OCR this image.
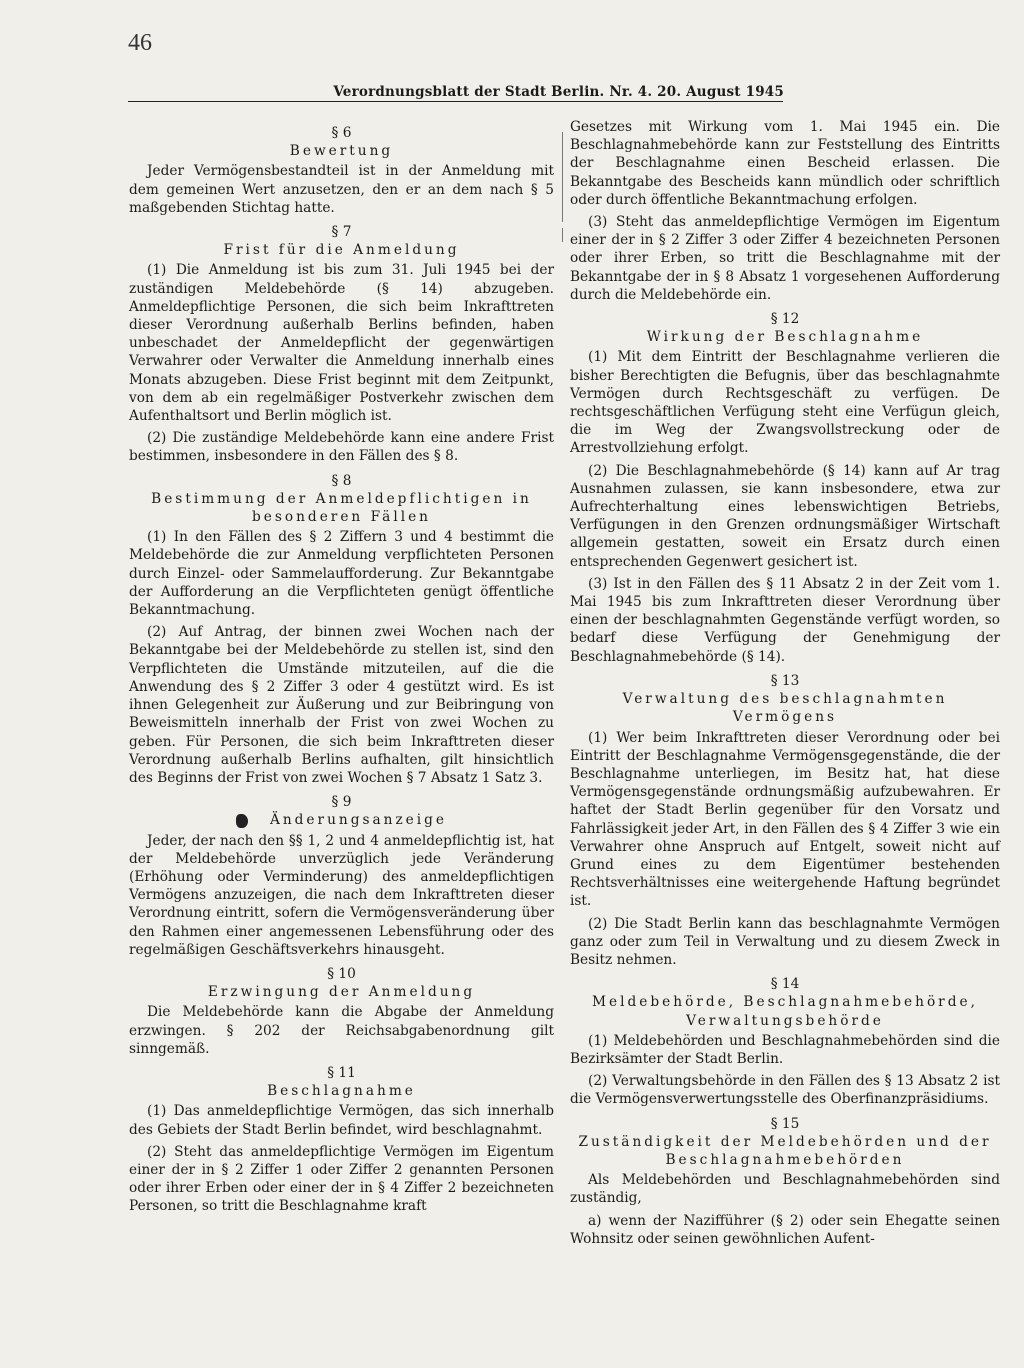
46
Verordnungsblatt der Stadt Berlin. Nr. 4. 20. August 1945
§ 6
Bewertung

Jeder Vermögensbestandteil ist in der Anmeldung mit dem gemeinen Wert anzusetzen, den er an dem nach § 5 maßgebenden Stichtag hatte.

§ 7
Frist für die Anmeldung

(1) Die Anmeldung ist bis zum 31. Juli 1945 bei der zuständigen Meldebehörde (§ 14) abzugeben. Anmeldepflichtige Personen, die sich beim Inkrafttreten dieser Verordnung außerhalb Berlins befinden, haben unbeschadet der Anmeldepflicht der gegenwärtigen Verwahrer oder Verwalter die Anmeldung innerhalb eines Monats abzugeben. Diese Frist beginnt mit dem Zeitpunkt, von dem ab ein regelmäßiger Postverkehr zwischen dem Aufenthaltsort und Berlin möglich ist.

(2) Die zuständige Meldebehörde kann eine andere Frist bestimmen, insbesondere in den Fällen des § 8.

§ 8
Bestimmung der Anmeldepflichtigen in besonderen Fällen

(1) In den Fällen des § 2 Ziffern 3 und 4 bestimmt die Meldebehörde die zur Anmeldung verpflichteten Personen durch Einzel- oder Sammelaufforderung. Zur Bekanntgabe der Aufforderung an die Verpflichteten genügt öffentliche Bekanntmachung.

(2) Auf Antrag, der binnen zwei Wochen nach der Bekanntgabe bei der Meldebehörde zu stellen ist, sind den Verpflichteten die Umstände mitzuteilen, auf die die Anwendung des § 2 Ziffer 3 oder 4 gestützt wird. Es ist ihnen Gelegenheit zur Äußerung und zur Beibringung von Beweismitteln innerhalb der Frist von zwei Wochen zu geben. Für Personen, die sich beim Inkrafttreten dieser Verordnung außerhalb Berlins aufhalten, gilt hinsichtlich des Beginns der Frist von zwei Wochen § 7 Absatz 1 Satz 3.

§ 9
Änderungsanzeige

Jeder, der nach den §§ 1, 2 und 4 anmeldepflichtig ist, hat der Meldebehörde unverzüglich jede Veränderung (Erhöhung oder Verminderung) des anmeldepflichtigen Vermögens anzuzeigen, die nach dem Inkrafttreten dieser Verordnung eintritt, sofern die Vermögensveränderung über den Rahmen einer angemessenen Lebensführung oder des regelmäßigen Geschäftsverkehrs hinausgeht.

§ 10
Erzwingung der Anmeldung

Die Meldebehörde kann die Abgabe der Anmeldung erzwingen. § 202 der Reichsabgabenordnung gilt sinngemäß.

§ 11
Beschlagnahme

(1) Das anmeldepflichtige Vermögen, das sich innerhalb des Gebiets der Stadt Berlin befindet, wird beschlagnahmt.

(2) Steht das anmeldepflichtige Vermögen im Eigentum einer der in § 2 Ziffer 1 oder Ziffer 2 genannten Personen oder ihrer Erben oder einer der in § 4 Ziffer 2 bezeichneten Personen, so tritt die Beschlagnahme kraft

Gesetzes mit Wirkung vom 1. Mai 1945 ein. Die Beschlagnahmebehörde kann zur Feststellung des Eintritts der Beschlagnahme einen Bescheid erlassen. Die Bekanntgabe des Bescheids kann mündlich oder schriftlich oder durch öffentliche Bekanntmachung erfolgen.

(3) Steht das anmeldepflichtige Vermögen im Eigentum einer der in § 2 Ziffer 3 oder Ziffer 4 bezeichneten Personen oder ihrer Erben, so tritt die Beschlagnahme mit der Bekanntgabe der in § 8 Absatz 1 vorgesehenen Aufforderung durch die Meldebehörde ein.

§ 12
Wirkung der Beschlagnahme

(1) Mit dem Eintritt der Beschlagnahme verlieren die bisher Berechtigten die Befugnis, über das beschlagnahmte Vermögen durch Rechtsgeschäft zu verfügen. De rechtsgeschäftlichen Verfügung steht eine Verfügun gleich, die im Weg der Zwangsvollstreckung oder de Arrestvollziehung erfolgt.

(2) Die Beschlagnahmebehörde (§ 14) kann auf Ar trag Ausnahmen zulassen, sie kann insbesondere, etwa zur Aufrechterhaltung eines lebenswichtigen Betriebs, Verfügungen in den Grenzen ordnungsmäßiger Wirtschaft allgemein gestatten, soweit ein Ersatz durch einen entsprechenden Gegenwert gesichert ist.

(3) Ist in den Fällen des § 11 Absatz 2 in der Zeit vom 1. Mai 1945 bis zum Inkrafttreten dieser Verordnung über einen der beschlagnahmten Gegenstände verfügt worden, so bedarf diese Verfügung der Genehmigung der Beschlagnahmebehörde (§ 14).

§ 13
Verwaltung des beschlagnahmten Vermögens

(1) Wer beim Inkrafttreten dieser Verordnung oder bei Eintritt der Beschlagnahme Vermögensgegenstände, die der Beschlagnahme unterliegen, im Besitz hat, hat diese Vermögensgegenstände ordnungsmäßig aufzubewahren. Er haftet der Stadt Berlin gegenüber für den Vorsatz und Fahrlässigkeit jeder Art, in den Fällen des § 4 Ziffer 3 wie ein Verwahrer ohne Anspruch auf Entgelt, soweit nicht auf Grund eines zu dem Eigentümer bestehenden Rechtsverhältnisses eine weitergehende Haftung begründet ist.

(2) Die Stadt Berlin kann das beschlagnahmte Vermögen ganz oder zum Teil in Verwaltung und zu diesem Zweck in Besitz nehmen.

§ 14
Meldebehörde, Beschlagnahmebehörde, Verwaltungsbehörde

(1) Meldebehörden und Beschlagnahmebehörden sind die Bezirksämter der Stadt Berlin.

(2) Verwaltungsbehörde in den Fällen des § 13 Absatz 2 ist die Vermögensverwertungsstelle des Oberfinanzpräsidiums.

§ 15
Zuständigkeit der Meldebehörden und der Beschlagnahmebehörden

Als Meldebehörden und Beschlagnahmebehörden sind zuständig,

a) wenn der Nazifführer (§ 2) oder sein Ehegatte seinen Wohnsitz oder seinen gewöhnlichen Aufent-
